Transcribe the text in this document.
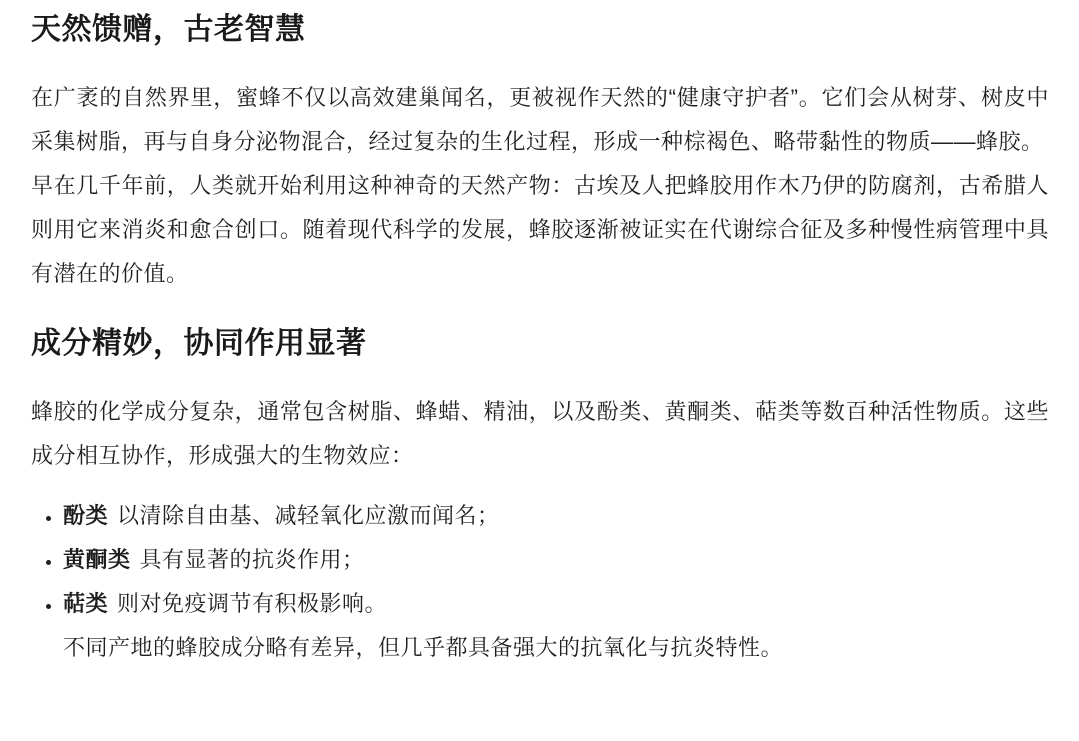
天然馈赠，古老智慧

在广袤的自然界里，蜜蜂不仅以高效建巢闻名，更被视作天然的“健康守护者”。它们会从树芽、树皮中采集树脂，再与自身分泌物混合，经过复杂的生化过程，形成一种棕褐色、略带黏性的物质——蜂胶。

早在几千年前，人类就开始利用这种神奇的天然产物：古埃及人把蜂胶用作木乃伊的防腐剂，古希腊人则用它来消炎和愈合创口。随着现代科学的发展，蜂胶逐渐被证实在代谢综合征及多种慢性病管理中具有潜在的价值。

成分精妙，协同作用显著

蜂胶的化学成分复杂，通常包含树脂、蜂蜡、精油，以及酚类、黄酮类、萜类等数百种活性物质。这些成分相互协作，形成强大的生物效应：

• 酚类 以清除自由基、减轻氧化应激而闻名；
• 黄酮类 具有显著的抗炎作用；
• 萜类 则对免疫调节有积极影响。
不同产地的蜂胶成分略有差异，但几乎都具备强大的抗氧化与抗炎特性。
